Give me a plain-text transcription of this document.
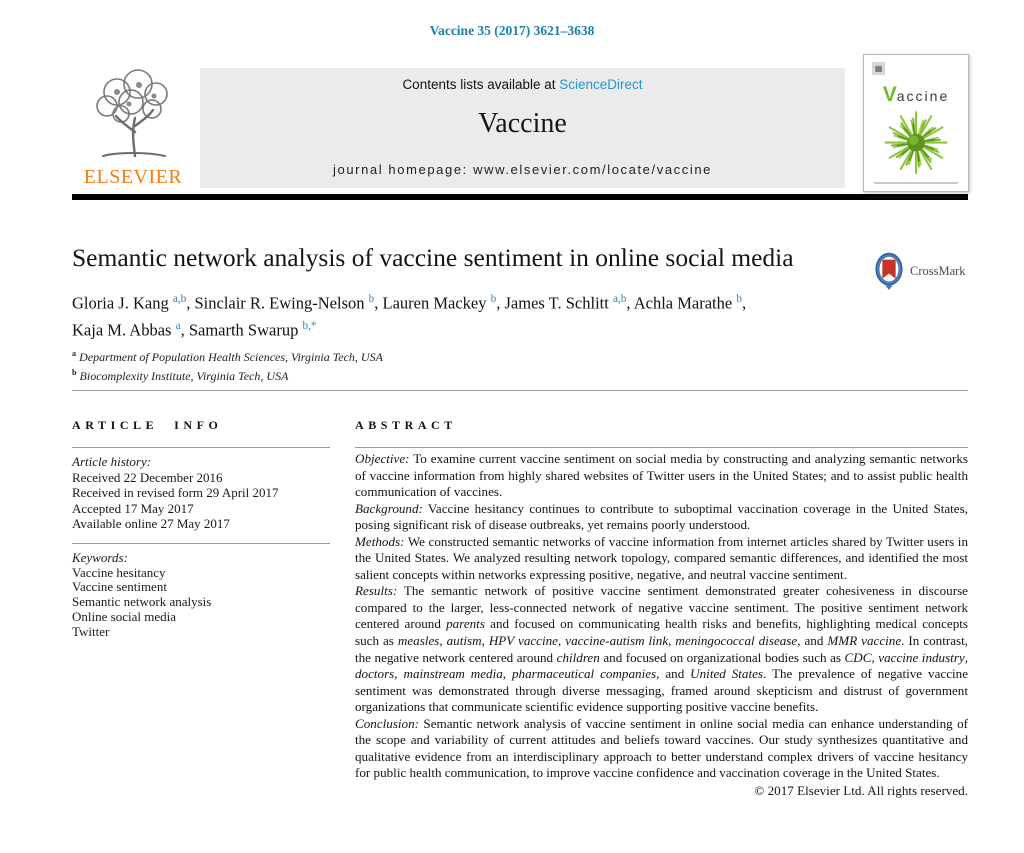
Vaccine 35 (2017) 3621–3638
ELSEVIER
Contents lists available at ScienceDirect
Vaccine
journal homepage: www.elsevier.com/locate/vaccine
▦
Vaccine
Semantic network analysis of vaccine sentiment in online social media	CrossMark
Gloria J. Kang $^{a,b}$, Sinclair R. Ewing-Nelson $^b$, Lauren Mackey $^b$, James T. Schlitt $^{a,b}$, Achla Marathe $^b$,
Kaja M. Abbas $^a$, Samarth Swarup $^{b,*}$
$^a$ Department of Population Health Sciences, Virginia Tech, USA
$^b$ Biocomplexity Institute, Virginia Tech, USA
ARTICLE INFO
Article history:
Received 22 December 2016
Received in revised form 29 April 2017
Accepted 17 May 2017
Available online 27 May 2017
Keywords:
Vaccine hesitancy
Vaccine sentiment
Semantic network analysis
Online social media
Twitter
ABSTRACT

Objective: To examine current vaccine sentiment on social media by constructing and analyzing semantic networks of vaccine information from highly shared websites of Twitter users in the United States; and to assist public health communication of vaccines.

Background: Vaccine hesitancy continues to contribute to suboptimal vaccination coverage in the United States, posing significant risk of disease outbreaks, yet remains poorly understood.

Methods: We constructed semantic networks of vaccine information from internet articles shared by Twitter users in the United States. We analyzed resulting network topology, compared semantic differences, and identified the most salient concepts within networks expressing positive, negative, and neutral vaccine sentiment.

Results: The semantic network of positive vaccine sentiment demonstrated greater cohesiveness in discourse compared to the larger, less-connected network of negative vaccine sentiment. The positive sentiment network centered around parents and focused on communicating health risks and benefits, highlighting medical concepts such as measles, autism, HPV vaccine, vaccine-autism link, meningococcal disease, and MMR vaccine. In contrast, the negative network centered around children and focused on organizational bodies such as CDC, vaccine industry, doctors, mainstream media, pharmaceutical companies, and United States. The prevalence of negative vaccine sentiment was demonstrated through diverse messaging, framed around skepticism and distrust of government organizations that communicate scientific evidence supporting positive vaccine benefits.

Conclusion: Semantic network analysis of vaccine sentiment in online social media can enhance understanding of the scope and variability of current attitudes and beliefs toward vaccines. Our study synthesizes quantitative and qualitative evidence from an interdisciplinary approach to better understand complex drivers of vaccine hesitancy for public health communication, to improve vaccine confidence and vaccination coverage in the United States.

© 2017 Elsevier Ltd. All rights reserved.
